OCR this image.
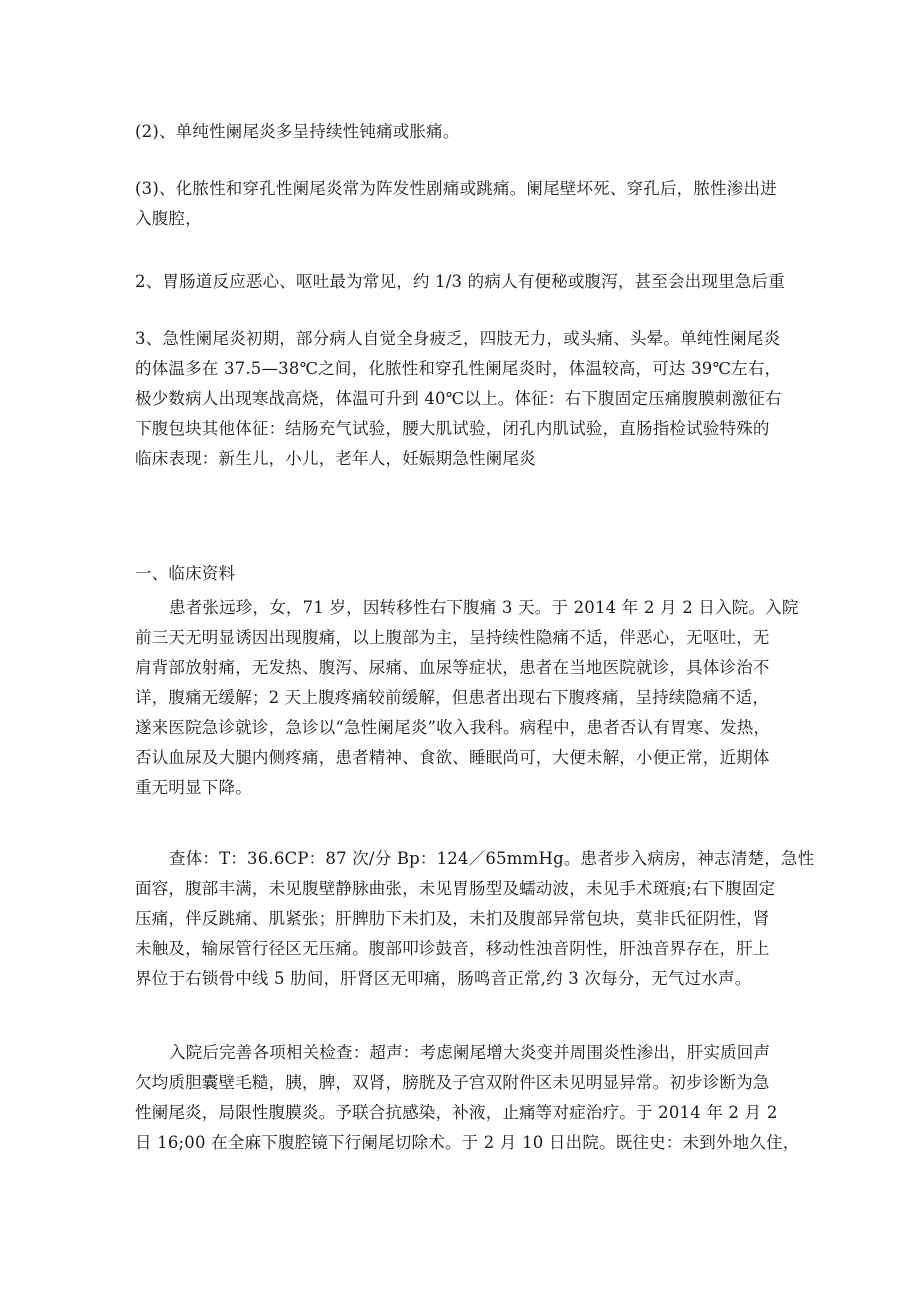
(2)、单纯性阑尾炎多呈持续性钝痛或胀痛。

(3)、化脓性和穿孔性阑尾炎常为阵发性剧痛或跳痛。阑尾壁坏死、穿孔后，脓性渗出进
入腹腔，

2、胃肠道反应恶心、呕吐最为常见，约 1/3 的病人有便秘或腹泻，甚至会出现里急后重

3、急性阑尾炎初期，部分病人自觉全身疲乏，四肢无力，或头痛、头晕。单纯性阑尾炎
的体温多在 37.5—38℃之间，化脓性和穿孔性阑尾炎时，体温较高，可达 39℃左右，
极少数病人出现寒战高烧，体温可升到 40℃以上。体征：右下腹固定压痛腹膜刺激征右
下腹包块其他体征：结肠充气试验，腰大肌试验，闭孔内肌试验，直肠指检试验特殊的
临床表现：新生儿，小儿，老年人，妊娠期急性阑尾炎

一、临床资料

患者张远珍，女，71 岁，因转移性右下腹痛 3 天。于 2014 年 2 月 2 日入院。入院
前三天无明显诱因出现腹痛，以上腹部为主，呈持续性隐痛不适，伴恶心，无呕吐，无
肩背部放射痛，无发热、腹泻、尿痛、血尿等症状，患者在当地医院就诊，具体诊治不
详，腹痛无缓解；2 天上腹疼痛较前缓解，但患者出现右下腹疼痛，呈持续隐痛不适，
遂来医院急诊就诊，急诊以“急性阑尾炎”收入我科。病程中，患者否认有胃寒、发热，
否认血尿及大腿内侧疼痛，患者精神、食欲、睡眠尚可，大便未解，小便正常，近期体
重无明显下降。

查体：T：36.6CP：87 次/分 Bp：124／65mmHg。患者步入病房，神志清楚，急性
面容，腹部丰满，未见腹壁静脉曲张，未见胃肠型及蠕动波，未见手术斑痕;右下腹固定
压痛，伴反跳痛、肌紧张；肝脾肋下未扪及，未扪及腹部异常包块，莫非氏征阴性，肾
未触及，输尿管行径区无压痛。腹部叩诊鼓音，移动性浊音阴性，肝浊音界存在，肝上
界位于右锁骨中线 5 肋间，肝肾区无叩痛，肠鸣音正常,约 3 次每分，无气过水声。

入院后完善各项相关检查：超声：考虑阑尾增大炎变并周围炎性渗出，肝实质回声
欠均质胆囊壁毛糙，胰，脾，双肾，膀胱及子宫双附件区未见明显异常。初步诊断为急
性阑尾炎，局限性腹膜炎。予联合抗感染，补液，止痛等对症治疗。于 2014 年 2 月 2
日 16;00 在全麻下腹腔镜下行阑尾切除术。于 2 月 10 日出院。既往史：未到外地久住，
